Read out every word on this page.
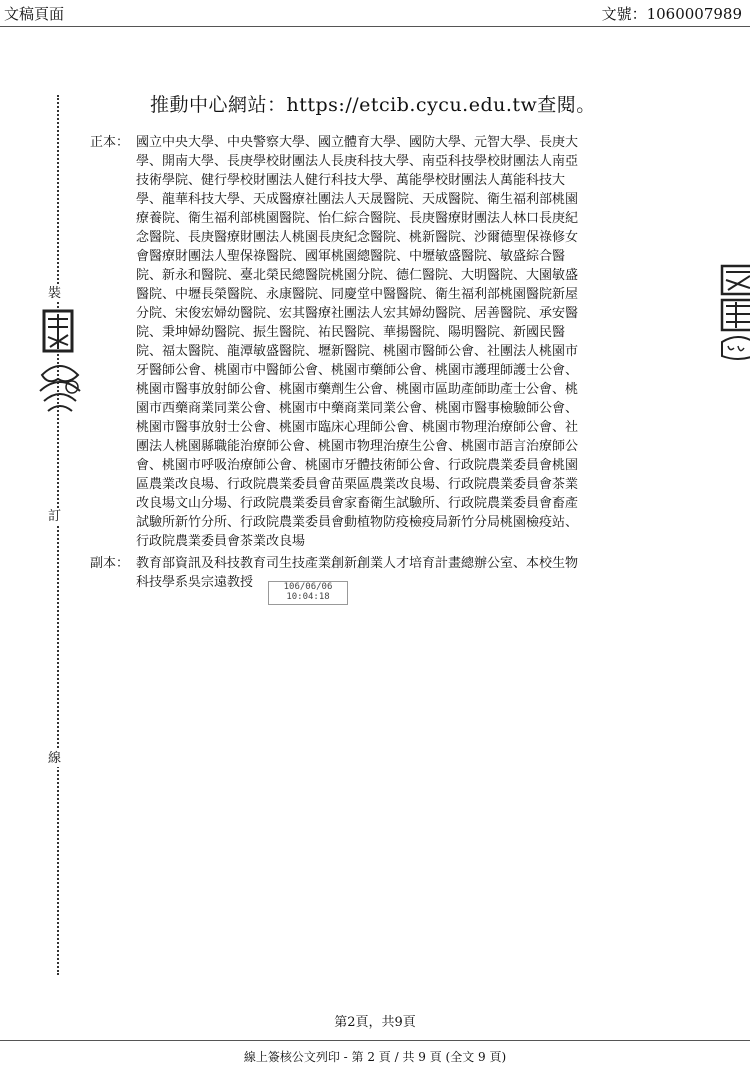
文稿頁面	文號：1060007989
裝
訂
線
推動中心網站：https://etcib.cycu.edu.tw查閱。
正本： 國立中央大學、中央警察大學、國立體育大學、國防大學、元智大學、長庚大
學、開南大學、長庚學校財團法人長庚科技大學、南亞科技學校財團法人南亞
技術學院、健行學校財團法人健行科技大學、萬能學校財團法人萬能科技大
學、龍華科技大學、天成醫療社團法人天晟醫院、天成醫院、衛生福利部桃園
療養院、衛生福利部桃園醫院、怡仁綜合醫院、長庚醫療財團法人林口長庚紀
念醫院、長庚醫療財團法人桃園長庚紀念醫院、桃新醫院、沙爾德聖保祿修女
會醫療財團法人聖保祿醫院、國軍桃園總醫院、中壢敏盛醫院、敏盛綜合醫
院、新永和醫院、臺北榮民總醫院桃園分院、德仁醫院、大明醫院、大園敏盛
醫院、中壢長榮醫院、永康醫院、同慶堂中醫醫院、衛生福利部桃園醫院新屋
分院、宋俊宏婦幼醫院、宏其醫療社團法人宏其婦幼醫院、居善醫院、承安醫
院、秉坤婦幼醫院、振生醫院、祐民醫院、華揚醫院、陽明醫院、新國民醫
院、福太醫院、龍潭敏盛醫院、壢新醫院、桃園市醫師公會、社團法人桃園市
牙醫師公會、桃園市中醫師公會、桃園市藥師公會、桃園市護理師護士公會、
桃園市醫事放射師公會、桃園市藥劑生公會、桃園市區助產師助產士公會、桃
園市西藥商業同業公會、桃園市中藥商業同業公會、桃園市醫事檢驗師公會、
桃園市醫事放射士公會、桃園市臨床心理師公會、桃園市物理治療師公會、社
團法人桃園縣職能治療師公會、桃園市物理治療生公會、桃園市語言治療師公
會、桃園市呼吸治療師公會、桃園市牙體技術師公會、行政院農業委員會桃園
區農業改良場、行政院農業委員會苗栗區農業改良場、行政院農業委員會茶業
改良場文山分場、行政院農業委員會家畜衛生試驗所、行政院農業委員會畜產
試驗所新竹分所、行政院農業委員會動植物防疫檢疫局新竹分局桃園檢疫站、
行政院農業委員會茶業改良場
副本： 教育部資訊及科技教育司生技產業創新創業人才培育計畫總辦公室、本校生物
科技學系吳宗遠教授	106/06/06
10:04:18
第2頁，共9頁
線上簽核公文列印 - 第 2 頁 / 共 9 頁 (全文 9 頁)
